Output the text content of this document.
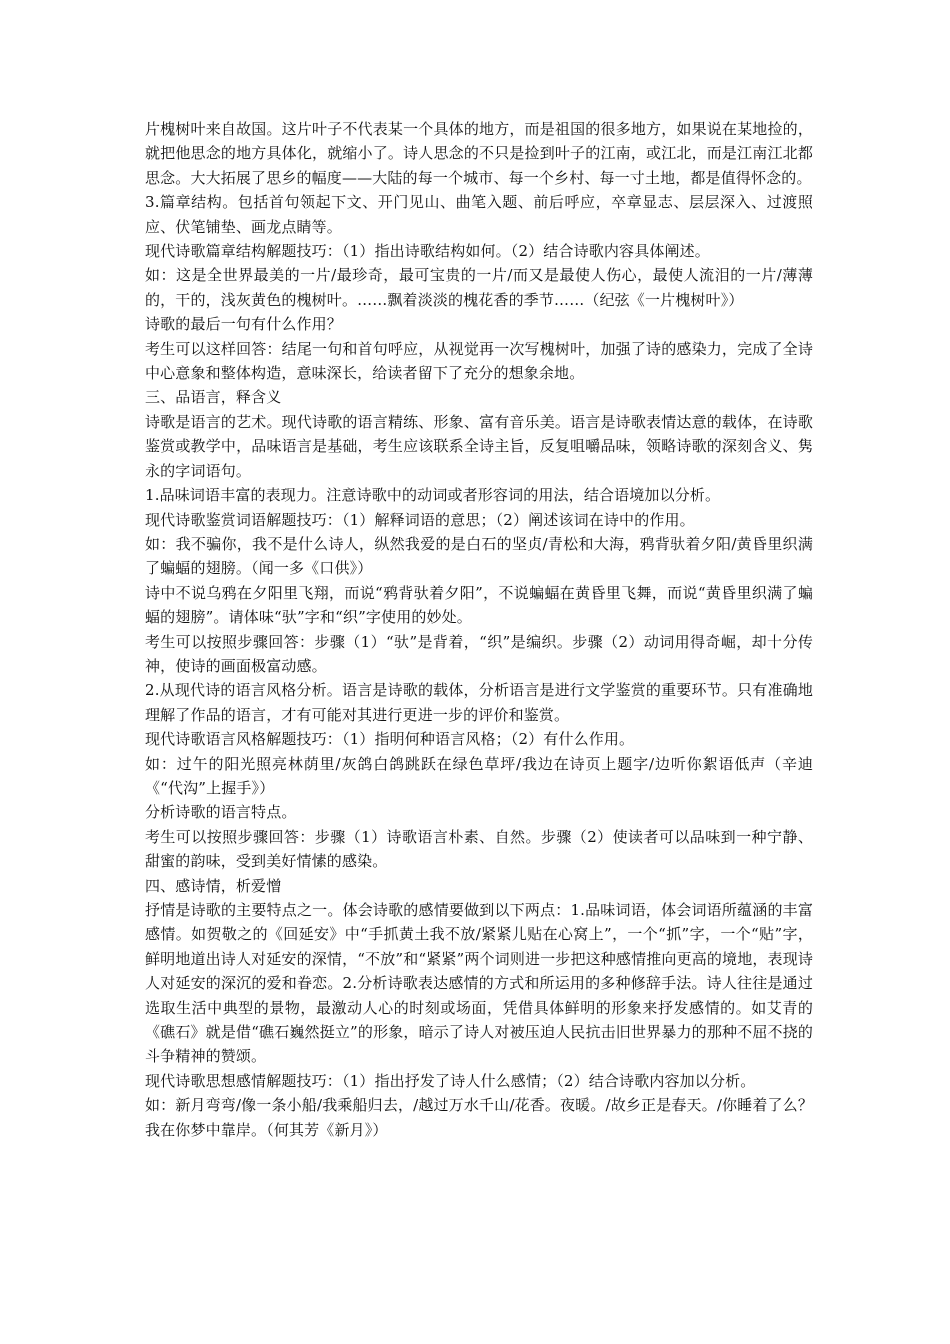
片槐树叶来自故国。这片叶子不代表某一个具体的地方，而是祖国的很多地方，如果说在某地捡的，就把他思念的地方具体化，就缩小了。诗人思念的不只是捡到叶子的江南，或江北，而是江南江北都思念。大大拓展了思乡的幅度——大陆的每一个城市、每一个乡村、每一寸土地，都是值得怀念的。

3.篇章结构。包括首句领起下文、开门见山、曲笔入题、前后呼应，卒章显志、层层深入、过渡照应、伏笔铺垫、画龙点睛等。

现代诗歌篇章结构解题技巧：（1）指出诗歌结构如何。（2）结合诗歌内容具体阐述。

如：这是全世界最美的一片/最珍奇，最可宝贵的一片/而又是最使人伤心，最使人流泪的一片/薄薄的，干的，浅灰黄色的槐树叶。……飘着淡淡的槐花香的季节……（纪弦《一片槐树叶》）

诗歌的最后一句有什么作用？

考生可以这样回答：结尾一句和首句呼应，从视觉再一次写槐树叶，加强了诗的感染力，完成了全诗中心意象和整体构造，意味深长，给读者留下了充分的想象余地。

三、品语言，释含义

诗歌是语言的艺术。现代诗歌的语言精练、形象、富有音乐美。语言是诗歌表情达意的载体，在诗歌鉴赏或教学中，品味语言是基础，考生应该联系全诗主旨，反复咀嚼品味，领略诗歌的深刻含义、隽永的字词语句。

1.品味词语丰富的表现力。注意诗歌中的动词或者形容词的用法，结合语境加以分析。

现代诗歌鉴赏词语解题技巧：（1）解释词语的意思；（2）阐述该词在诗中的作用。

如：我不骗你，我不是什么诗人，纵然我爱的是白石的坚贞/青松和大海，鸦背驮着夕阳/黄昏里织满了蝙蝠的翅膀。（闻一多《口供》）

诗中不说乌鸦在夕阳里飞翔，而说“鸦背驮着夕阳”，不说蝙蝠在黄昏里飞舞，而说“黄昏里织满了蝙蝠的翅膀”。请体味“驮”字和“织”字使用的妙处。

考生可以按照步骤回答：步骤（1）“驮”是背着，“织”是编织。步骤（2）动词用得奇崛，却十分传神，使诗的画面极富动感。

2.从现代诗的语言风格分析。语言是诗歌的载体，分析语言是进行文学鉴赏的重要环节。只有准确地理解了作品的语言，才有可能对其进行更进一步的评价和鉴赏。

现代诗歌语言风格解题技巧：（1）指明何种语言风格；（2）有什么作用。

如：过午的阳光照亮林荫里/灰鸽白鸽跳跃在绿色草坪/我边在诗页上题字/边听你絮语低声（辛迪《“代沟”上握手》）

分析诗歌的语言特点。

考生可以按照步骤回答：步骤（1）诗歌语言朴素、自然。步骤（2）使读者可以品味到一种宁静、甜蜜的韵味，受到美好情愫的感染。

四、感诗情，析爱憎

抒情是诗歌的主要特点之一。体会诗歌的感情要做到以下两点：1.品味词语，体会词语所蕴涵的丰富感情。如贺敬之的《回延安》中“手抓黄土我不放/紧紧儿贴在心窝上”，一个“抓”字，一个“贴”字，鲜明地道出诗人对延安的深情，“不放”和“紧紧”两个词则进一步把这种感情推向更高的境地，表现诗人对延安的深沉的爱和眷恋。2.分析诗歌表达感情的方式和所运用的多种修辞手法。诗人往往是通过选取生活中典型的景物，最激动人心的时刻或场面，凭借具体鲜明的形象来抒发感情的。如艾青的《礁石》就是借“礁石巍然挺立”的形象，暗示了诗人对被压迫人民抗击旧世界暴力的那种不屈不挠的斗争精神的赞颂。

现代诗歌思想感情解题技巧：（1）指出抒发了诗人什么感情；（2）结合诗歌内容加以分析。

如：新月弯弯/像一条小船/我乘船归去，/越过万水千山/花香。夜暖。/故乡正是春天。/你睡着了么？我在你梦中靠岸。（何其芳《新月》）
